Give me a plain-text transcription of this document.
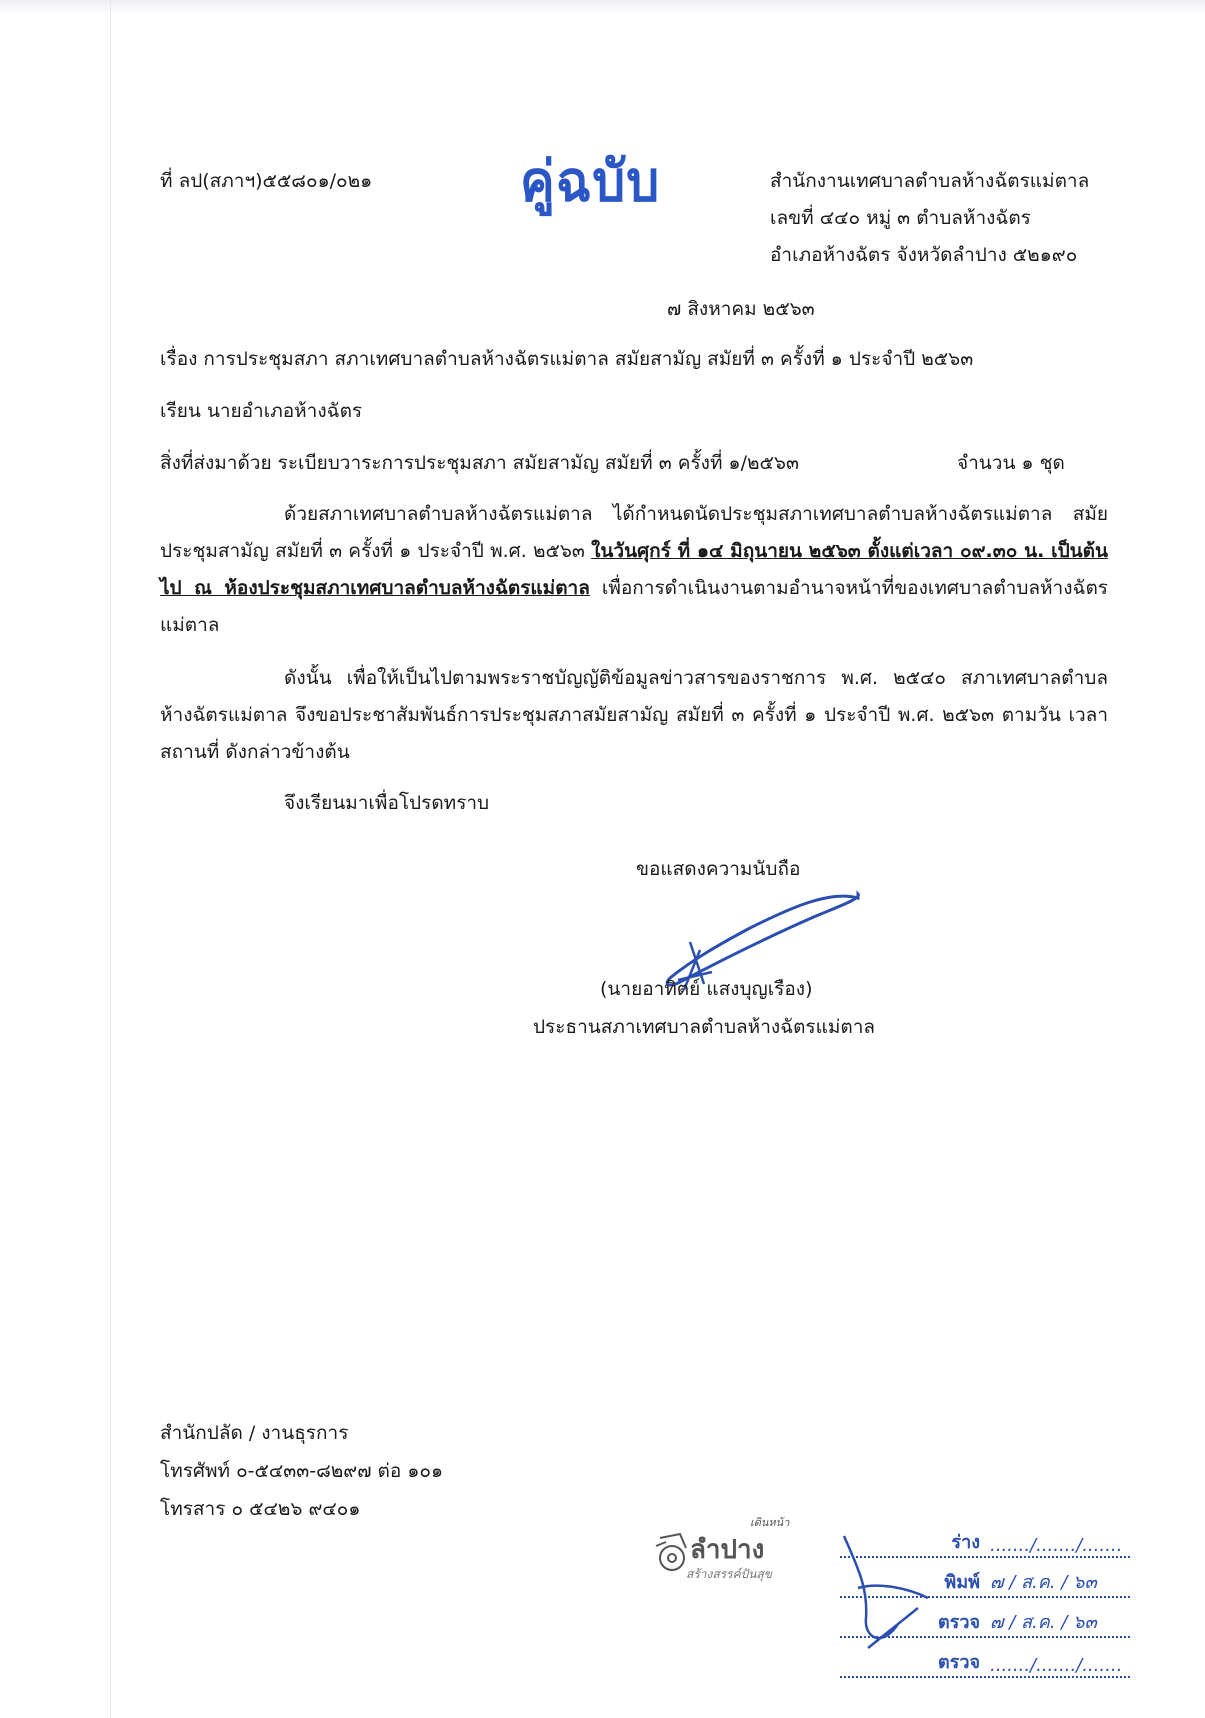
ที่ ลป(สภาฯ)๕๕๘๐๑/๐๒๑	คู่ฉบับ	สำนักงานเทศบาลตำบลห้างฉัตรแม่ตาล
เลขที่ ๔๔๐ หมู่ ๓ ตำบลห้างฉัตร
อำเภอห้างฉัตร จังหวัดลำปาง ๕๒๑๙๐
๗ สิงหาคม ๒๕๖๓
เรื่อง การประชุมสภา สภาเทศบาลตำบลห้างฉัตรแม่ตาล สมัยสามัญ สมัยที่ ๓ ครั้งที่ ๑ ประจำปี ๒๕๖๓
เรียน นายอำเภอห้างฉัตร
สิ่งที่ส่งมาด้วย ระเบียบวาระการประชุมสภา สมัยสามัญ สมัยที่ ๓ ครั้งที่ ๑/๒๕๖๓	จำนวน ๑ ชุด
ด้วยสภาเทศบาลตำบลห้างฉัตรแม่ตาล ได้กำหนดนัดประชุมสภาเทศบาลตำบลห้างฉัตรแม่ตาล สมัยประชุมสามัญ สมัยที่ ๓ ครั้งที่ ๑ ประจำปี พ.ศ. ๒๕๖๓ ในวันศุกร์ ที่ ๑๔ มิถุนายน ๒๕๖๓ ตั้งแต่เวลา ๐๙.๓๐ น. เป็นต้นไป ณ ห้องประชุมสภาเทศบาลตำบลห้างฉัตรแม่ตาล เพื่อการดำเนินงานตามอำนาจหน้าที่ของเทศบาลตำบลห้างฉัตรแม่ตาล
ดังนั้น เพื่อให้เป็นไปตามพระราชบัญญัติข้อมูลข่าวสารของราชการ พ.ศ. ๒๕๔๐ สภาเทศบาลตำบลห้างฉัตรแม่ตาล จึงขอประชาสัมพันธ์การประชุมสภาสมัยสามัญ สมัยที่ ๓ ครั้งที่ ๑ ประจำปี พ.ศ. ๒๕๖๓ ตามวัน เวลา สถานที่ ดังกล่าวข้างต้น
จึงเรียนมาเพื่อโปรดทราบ
ขอแสดงความนับถือ
(นายอาทิตย์ แสงบุญเรือง)
ประธานสภาเทศบาลตำบลห้างฉัตรแม่ตาล
สำนักปลัด / งานธุรการ
โทรศัพท์ ๐-๕๔๓๓-๘๒๙๗ ต่อ ๑๐๑
โทรสาร ๐ ๕๔๒๖ ๙๔๐๑
เดินหน้า
ลำปาง
สร้างสรรค์ปันสุข
ร่าง ......./......./.......
พิมพ์ ๗ / ส.ค. / ๖๓
ตรวจ ๗ / ส.ค. / ๖๓
ตรวจ ......./......./.......
